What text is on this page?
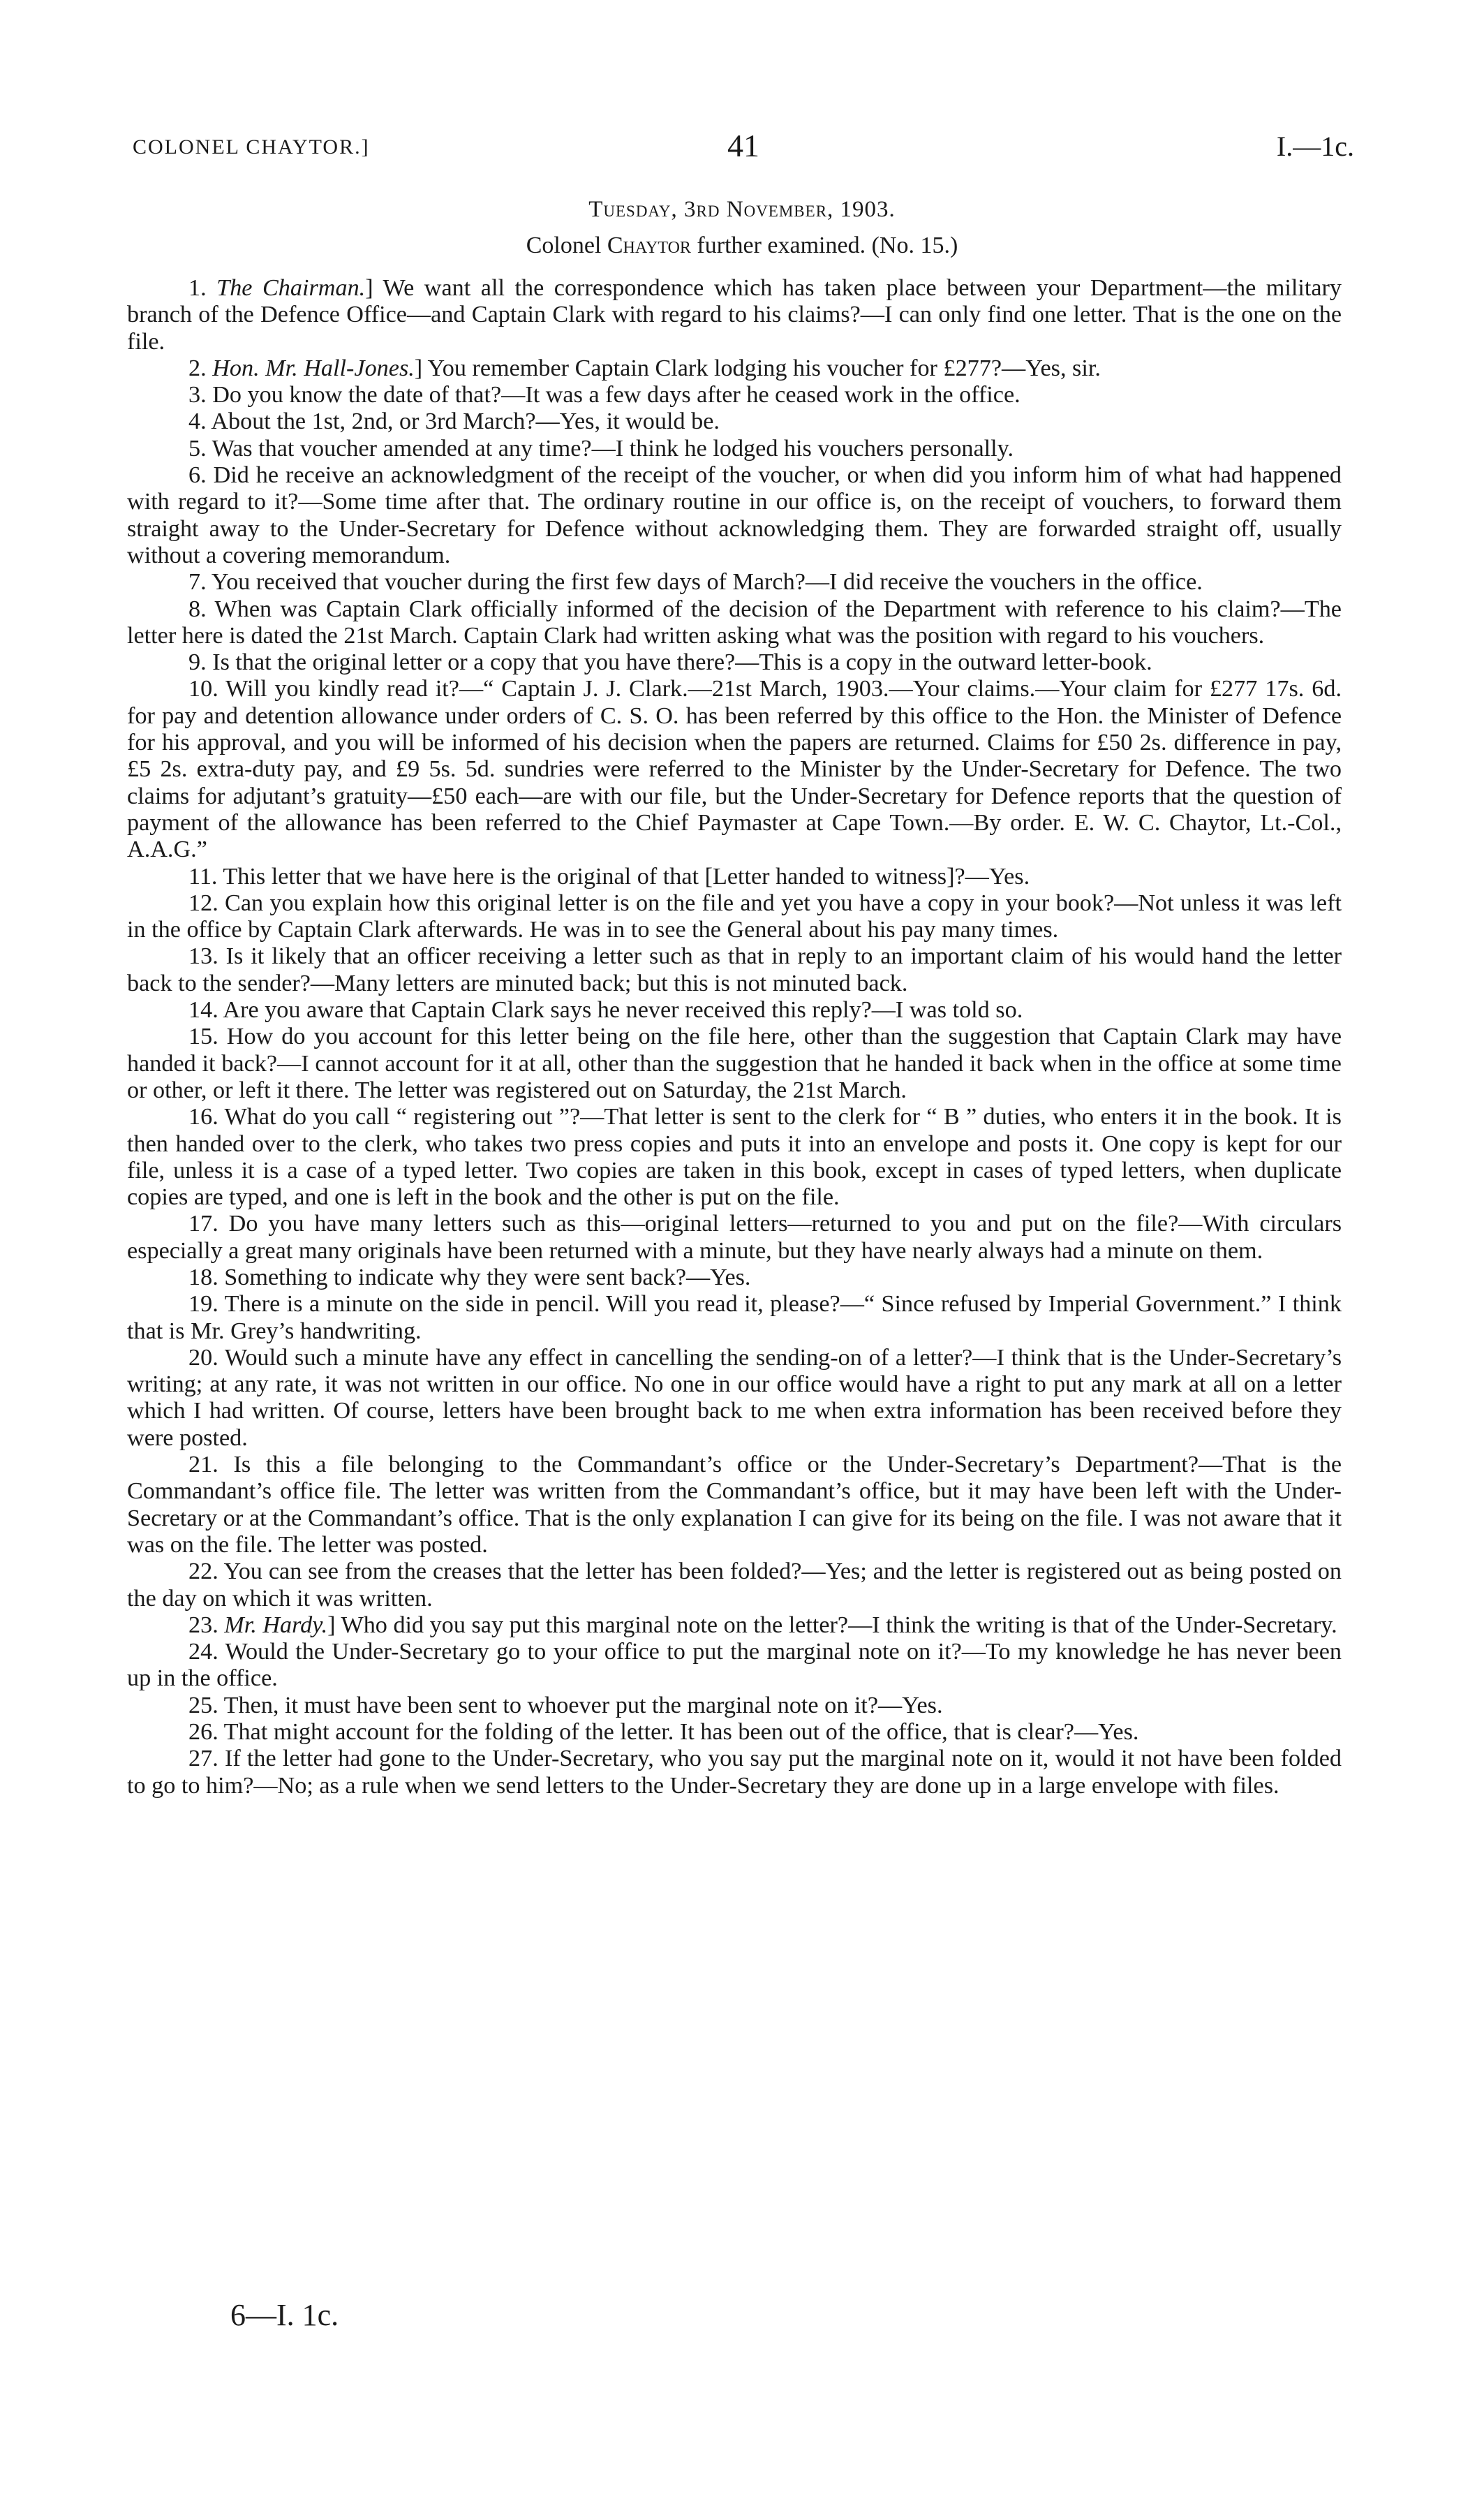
COLONEL CHAYTOR.]	41	I.—1c.
Tuesday, 3rd November, 1903.
Colonel Chaytor further examined. (No. 15.)

1. The Chairman.] We want all the correspondence which has taken place between your Department—the military branch of the Defence Office—and Captain Clark with regard to his claims?—I can only find one letter. That is the one on the file.

2. Hon. Mr. Hall-Jones.] You remember Captain Clark lodging his voucher for £277?—Yes, sir.

3. Do you know the date of that?—It was a few days after he ceased work in the office.

4. About the 1st, 2nd, or 3rd March?—Yes, it would be.

5. Was that voucher amended at any time?—I think he lodged his vouchers personally.

6. Did he receive an acknowledgment of the receipt of the voucher, or when did you inform him of what had happened with regard to it?—Some time after that. The ordinary routine in our office is, on the receipt of vouchers, to forward them straight away to the Under-Secretary for Defence without acknowledging them. They are forwarded straight off, usually without a covering memorandum.

7. You received that voucher during the first few days of March?—I did receive the vouchers in the office.

8. When was Captain Clark officially informed of the decision of the Department with reference to his claim?—The letter here is dated the 21st March. Captain Clark had written asking what was the position with regard to his vouchers.

9. Is that the original letter or a copy that you have there?—This is a copy in the outward letter-book.

10. Will you kindly read it?—“ Captain J. J. Clark.—21st March, 1903.—Your claims.—Your claim for £277 17s. 6d. for pay and detention allowance under orders of C. S. O. has been referred by this office to the Hon. the Minister of Defence for his approval, and you will be informed of his decision when the papers are returned. Claims for £50 2s. difference in pay, £5 2s. extra-duty pay, and £9 5s. 5d. sundries were referred to the Minister by the Under-Secretary for Defence. The two claims for adjutant’s gratuity—£50 each—are with our file, but the Under-Secretary for Defence reports that the question of payment of the allowance has been referred to the Chief Paymaster at Cape Town.—By order. E. W. C. Chaytor, Lt.-Col., A.A.G.”

11. This letter that we have here is the original of that [Letter handed to witness]?—Yes.

12. Can you explain how this original letter is on the file and yet you have a copy in your book?—Not unless it was left in the office by Captain Clark afterwards. He was in to see the General about his pay many times.

13. Is it likely that an officer receiving a letter such as that in reply to an important claim of his would hand the letter back to the sender?—Many letters are minuted back; but this is not minuted back.

14. Are you aware that Captain Clark says he never received this reply?—I was told so.

15. How do you account for this letter being on the file here, other than the suggestion that Captain Clark may have handed it back?—I cannot account for it at all, other than the suggestion that he handed it back when in the office at some time or other, or left it there. The letter was registered out on Saturday, the 21st March.

16. What do you call “ registering out ”?—That letter is sent to the clerk for “ B ” duties, who enters it in the book. It is then handed over to the clerk, who takes two press copies and puts it into an envelope and posts it. One copy is kept for our file, unless it is a case of a typed letter. Two copies are taken in this book, except in cases of typed letters, when duplicate copies are typed, and one is left in the book and the other is put on the file.

17. Do you have many letters such as this—original letters—returned to you and put on the file?—With circulars especially a great many originals have been returned with a minute, but they have nearly always had a minute on them.

18. Something to indicate why they were sent back?—Yes.

19. There is a minute on the side in pencil. Will you read it, please?—“ Since refused by Imperial Government.” I think that is Mr. Grey’s handwriting.

20. Would such a minute have any effect in cancelling the sending-on of a letter?—I think that is the Under-Secretary’s writing; at any rate, it was not written in our office. No one in our office would have a right to put any mark at all on a letter which I had written. Of course, letters have been brought back to me when extra information has been received before they were posted.

21. Is this a file belonging to the Commandant’s office or the Under-Secretary’s Department?—That is the Commandant’s office file. The letter was written from the Commandant’s office, but it may have been left with the Under-Secretary or at the Commandant’s office. That is the only explanation I can give for its being on the file. I was not aware that it was on the file. The letter was posted.

22. You can see from the creases that the letter has been folded?—Yes; and the letter is registered out as being posted on the day on which it was written.

23. Mr. Hardy.] Who did you say put this marginal note on the letter?—I think the writing is that of the Under-Secretary.

24. Would the Under-Secretary go to your office to put the marginal note on it?—To my knowledge he has never been up in the office.

25. Then, it must have been sent to whoever put the marginal note on it?—Yes.

26. That might account for the folding of the letter. It has been out of the office, that is clear?—Yes.

27. If the letter had gone to the Under-Secretary, who you say put the marginal note on it, would it not have been folded to go to him?—No; as a rule when we send letters to the Under-Secretary they are done up in a large envelope with files.

6—I. 1c.
